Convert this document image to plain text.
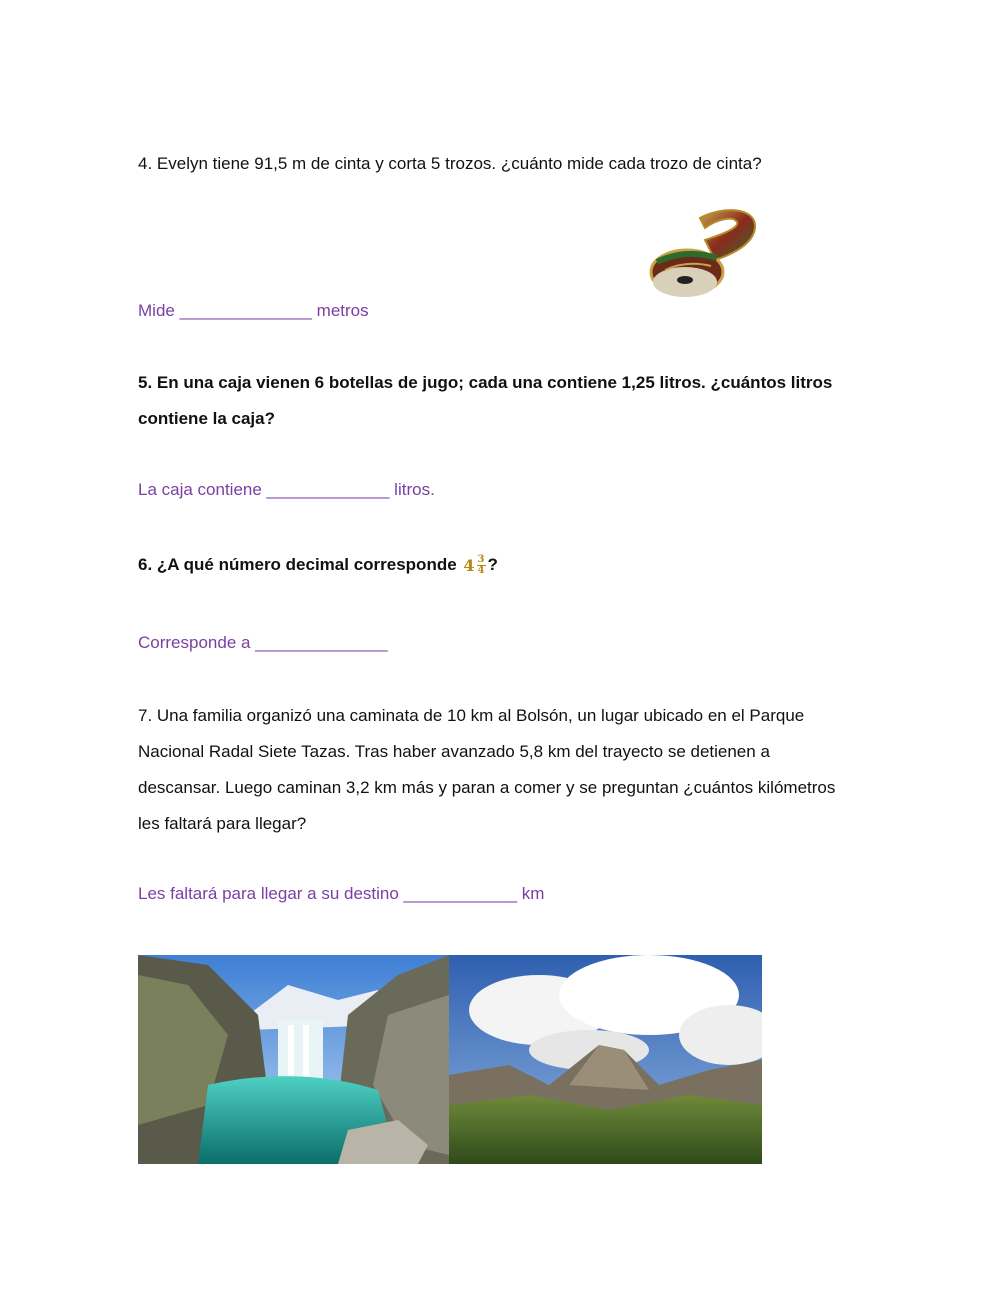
4. Evelyn tiene 91,5 m de cinta y corta 5 trozos. ¿cuánto mide cada trozo de cinta?

Mide ______________ metros

5. En una caja vienen 6 botellas de jugo; cada una contiene 1,25 litros. ¿cuántos litros

contiene la caja?

La caja contiene _____________ litros.

6. ¿A qué número decimal corresponde $4 \frac{3}{4}$ ?

Corresponde a ______________

7. Una familia organizó una caminata de 10 km al Bolsón, un lugar ubicado en el Parque

Nacional Radal Siete Tazas. Tras haber avanzado 5,8 km del trayecto se detienen a

descansar. Luego caminan 3,2 km más y paran a comer y se preguntan ¿cuántos kilómetros

les faltará para llegar?

Les faltará para llegar a su destino ____________ km
